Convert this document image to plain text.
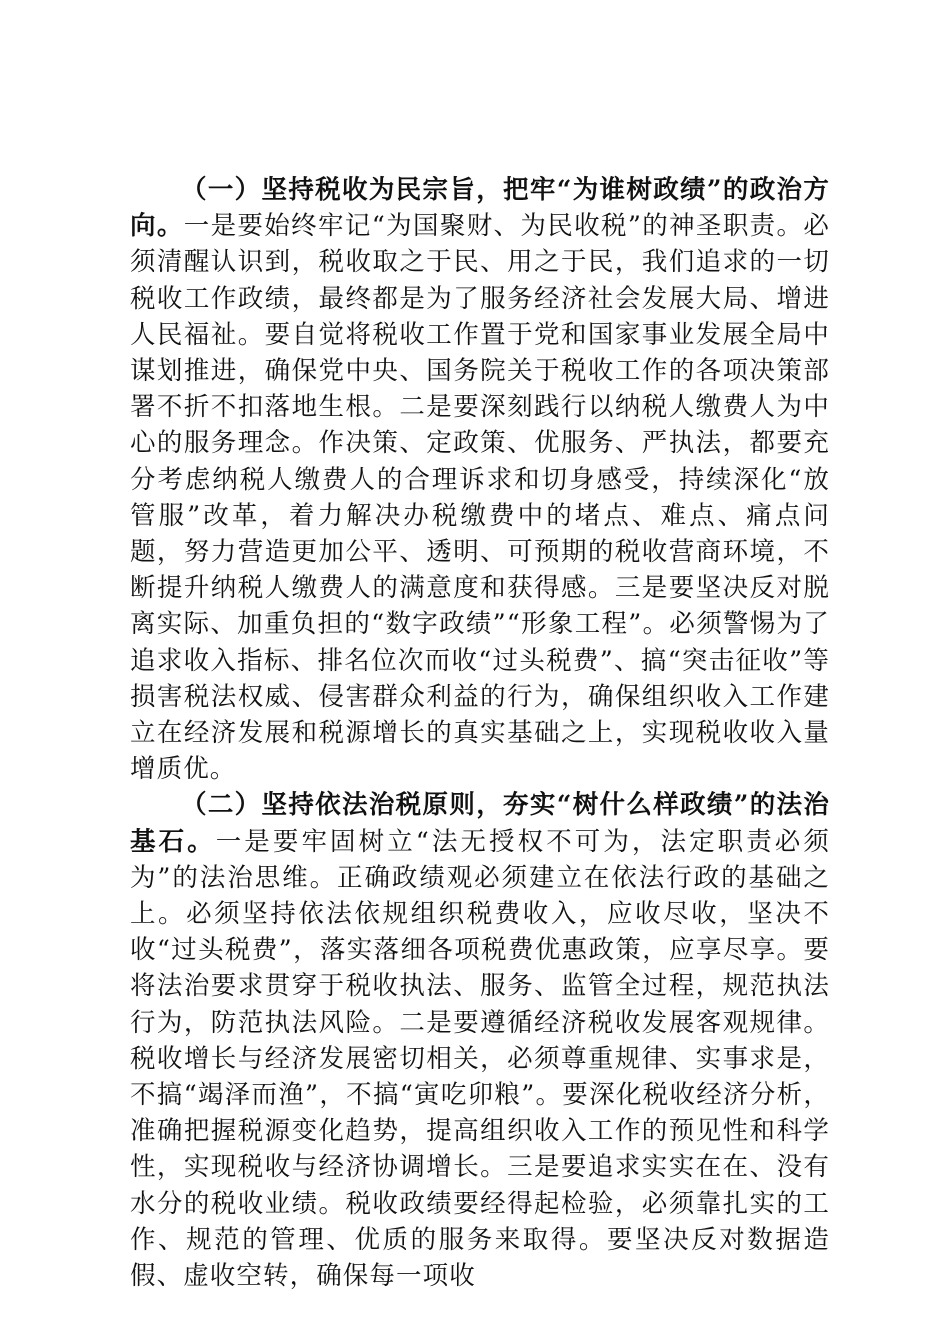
（一）坚持税收为民宗旨，把牢“为谁树政绩”的政治方向。一是要始终牢记“为国聚财、为民收税”的神圣职责。必须清醒认识到，税收取之于民、用之于民，我们追求的一切税收工作政绩，最终都是为了服务经济社会发展大局、增进人民福祉。要自觉将税收工作置于党和国家事业发展全局中谋划推进，确保党中央、国务院关于税收工作的各项决策部署不折不扣落地生根。二是要深刻践行以纳税人缴费人为中心的服务理念。作决策、定政策、优服务、严执法，都要充分考虑纳税人缴费人的合理诉求和切身感受，持续深化“放管服”改革，着力解决办税缴费中的堵点、难点、痛点问题，努力营造更加公平、透明、可预期的税收营商环境，不断提升纳税人缴费人的满意度和获得感。三是要坚决反对脱离实际、加重负担的“数字政绩”“形象工程”。必须警惕为了追求收入指标、排名位次而收“过头税费”、搞“突击征收”等损害税法权威、侵害群众利益的行为，确保组织收入工作建立在经济发展和税源增长的真实基础之上，实现税收收入量增质优。

（二）坚持依法治税原则，夯实“树什么样政绩”的法治基石。一是要牢固树立“法无授权不可为，法定职责必须为”的法治思维。正确政绩观必须建立在依法行政的基础之上。必须坚持依法依规组织税费收入，应收尽收，坚决不收“过头税费”，落实落细各项税费优惠政策，应享尽享。要将法治要求贯穿于税收执法、服务、监管全过程，规范执法行为，防范执法风险。二是要遵循经济税收发展客观规律。税收增长与经济发展密切相关，必须尊重规律、实事求是，不搞“竭泽而渔”，不搞“寅吃卯粮”。要深化税收经济分析，准确把握税源变化趋势，提高组织收入工作的预见性和科学性，实现税收与经济协调增长。三是要追求实实在在、没有水分的税收业绩。税收政绩要经得起检验，必须靠扎实的工作、规范的管理、优质的服务来取得。要坚决反对数据造假、虚收空转，确保每一项收
